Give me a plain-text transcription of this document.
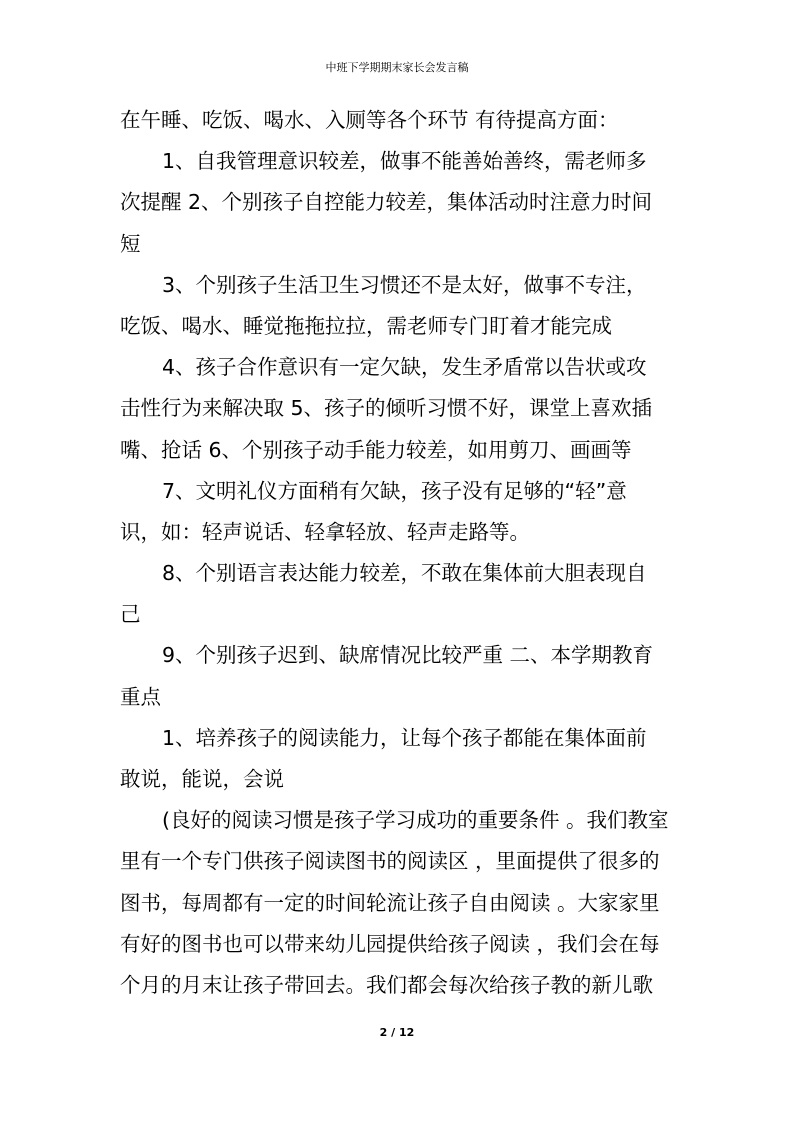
中班下学期期末家长会发言稿
在午睡、吃饭、喝水、入厕等各个环节 有待提高方面：
1、自我管理意识较差，做事不能善始善终，需老师多
次提醒 2、个别孩子自控能力较差，集体活动时注意力时间
短
3、个别孩子生活卫生习惯还不是太好，做事不专注，
吃饭、喝水、睡觉拖拖拉拉，需老师专门盯着才能完成
4、孩子合作意识有一定欠缺，发生矛盾常以告状或攻
击性行为来解决取 5、孩子的倾听习惯不好，课堂上喜欢插
嘴、抢话 6、个别孩子动手能力较差，如用剪刀、画画等
7、文明礼仪方面稍有欠缺，孩子没有足够的“轻”意
识，如：轻声说话、轻拿轻放、轻声走路等。
8、个别语言表达能力较差，不敢在集体前大胆表现自
己
9、个别孩子迟到、缺席情况比较严重 二、本学期教育
重点
1、培养孩子的阅读能力，让每个孩子都能在集体面前
敢说，能说，会说
(良好的阅读习惯是孩子学习成功的重要条件 。我们教室
里有一个专门供孩子阅读图书的阅读区 ，里面提供了很多的
图书，每周都有一定的时间轮流让孩子自由阅读 。大家家里
有好的图书也可以带来幼儿园提供给孩子阅读 ，我们会在每
个月的月末让孩子带回去。我们都会每次给孩子教的新儿歌
2 / 12
